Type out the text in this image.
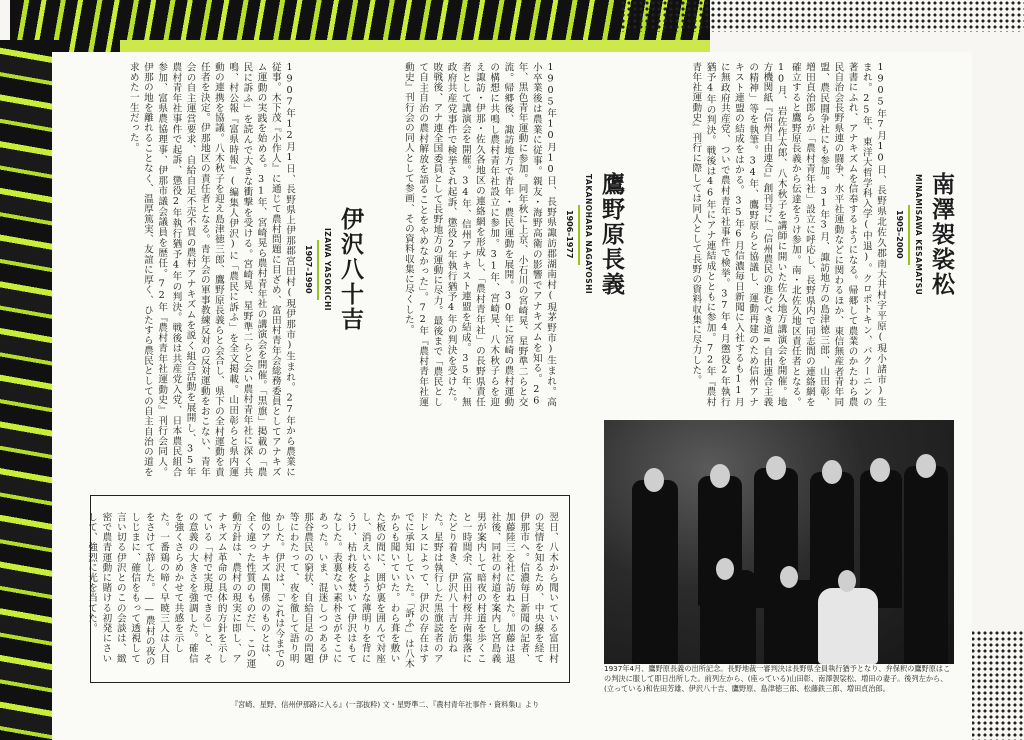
南澤袈裟松
MINAMISAWA KESAMATSU
1905–2000
1905年7月10日、長野県北佐久郡南大井村字平原(現小諸市)生まれ。25年、東洋大哲学科入学(中退)。クロポトキン、バクーニンの著書にふれ、アナキズムを信奉するようになる。帰郷して農業のかたわら農民自治会長野県連の闘争、水平社運動などに関わるほか、東信無産者青年同盟、農民闘争社にも参加。31年3月、諏訪地方の島津徳三郎、山田彰、増田貞治郎らが「農村青年社」設立に呼応し、長野県内で同志間の連絡網を確立すると鷹野原長義から伝達をうけ参加。南・北佐久地区責任者となる。10月、岩佐作太郎、八木秋子を講師に開いた佐久地方講演会を開催。地方機関紙『信州自由連合』創刊号に「信州農民の進むべき道=自由連合主義の精神」等を執筆。34年、鷹野原らと協議し、運動再建のため信州アナキスト連盟の結成をはかる。35年6月信濃毎日新聞に入社するも11月に無政府共産党、ついで農村青年社事件で検挙。37年4月懲役2年執行猶予4年の判決。戦後は46年にアナ連結成とともに参加。72年『農村青年社運動史』刊行に際しては同人として長野の資料収集に尽力した。
鷹野原長義
TAKANOHARA NAGAYOSHI
1906–1977
1905年10月10日、長野県諏訪郡湖南村(現茅野市)生まれ。高小卒業後は農業に従事。親友・海野高衛の影響でアナキズムを知る。26年、黒色青年運動に参加。同年秋に上京、小石川の宮崎晃、星野準二らと交流。帰郷後、諏訪地方で青年・農民運動を展開。30年に宮崎の農村運動の構想に共鳴し農村青年社設立に参加。31年、宮崎晃、八木秋子らを迎え諏訪・伊那・佐久各地区の連絡網を形成し、「農村青年社」の長野県責任者として講演会を開催。34年、信州アナキスト連盟を結成。35年、無政府共産党事件で検挙され起訴、懲役2年執行猶予4年の判決を受けた。敗戦後、アナ連全国委員として長野地方の運動に尽力。最後まで「農民として自主自治の農村解放を語ることをやめなかった」。72年『農村青年社運動史』刊行会の同人として参画、その資料収集に尽くした。
伊沢八十吉
IZAWA YASOKICHI
1907–1990
1907年12月1日、長野県上伊那郡宮田村(現伊那市)生まれ。27年から農業に従事。木下茂『小作人』に通じて農村問題に目ざめ、富田村青年会総務委員としてアナキズム運動の実践を始める。31年、宮崎晃ら農村青年社の講演会を開催。「黒旗」掲載の「農民に訴ふ」を読んで大きな衝撃を受ける。宮崎晃、星野準二らと会い農村青年社に深く共鳴、村公報『富県時報』(編集人伊沢)に「農民に訴ふ」を全文掲載。山田彰らと県内運動の連携を協議。八木秋子を迎え島津徳三郎、鷹野原長義らと会合し、県下の全村運動を責任者を決定。伊那地区の責任者となる。青年会の軍事教練反対の反対運動をおこない、青年会の自主運営要求、自給自足不売不買の農村アナキズムを説く組合活動を展開し、35年農村青年社事件で起訴、懲役2年執行猶予4年の判決。戦後は共産党入党、日本農民組合参加、富県農協理事、伊那市議会議員を歴任。72年『農村青年社運動史』刊行会同人。伊那の地を離れることなく、温厚篤実、友誼に厚く、ひたすら農民としての自主自治の道を求めた一生だった。
翌日、八木から聞いている富田村の実情を知るため、中央線を経て伊那市へ。信濃毎日新聞の記者、加藤陸三を社に訪ねた。加藤は退社後、同社の村道を案内し宮島義男が案内して暗夜の村道を歩くこと一時間余、富田村桜井南集落にたどり着き、伊沢八十吉を訪ねた。星野は執行した黒旗読者のアドレスによって、伊沢の存在はすでに承知していた。「訴ふ」は八木からも聞いていた。わら葺を敷いた板の間に、囲炉裏を囲んで対座し、消えいるような薄明りを背にうけ、枯れ枝を焚いて伊沢はもてなした。表裏ない素朴さがそこにあった。いま、混迷しつつある伊那谷農民の窮状、自給自足の問題等にわたって、夜を徹して語り明かした。伊沢は、「これは今までの他のアナキズム関係のものとは、全く違った性質のものだ」、この運動方針は、農村の現実に即し、アナキズム革命の具体的方針を示している「村で実現できる」と、その意義の大きさを強調した。確信を強くさらめかせて共感を示した。一番鶏の啼く早暁三人は人目をさけて辞した。——農村の夜のしじまに、確信をもって透視して言い切る伊沢とのこの会談は、緻密で農青運動に賭ける初発にさいして、強烈に光を当てた。
『宮崎、星野、信州伊那路に入る』(一部抜粋) 文・星野準二、『農村青年社事件・資料集Ⅰ』より
1937年4月、鷹野原長義の出所記念。長野地裁一審判決は長野県全員執行猶予となり、弁保釈の鷹野原はこの判決に服して即日出所した。前列左から、(座っている)山田彰、南澤袈裟松、増田の妻子。後列左から、(立っている)和佐田芳雄、伊沢八十吉、鷹野原、島津徳三郎、松藤鉄三郎、増田貞治郎。
